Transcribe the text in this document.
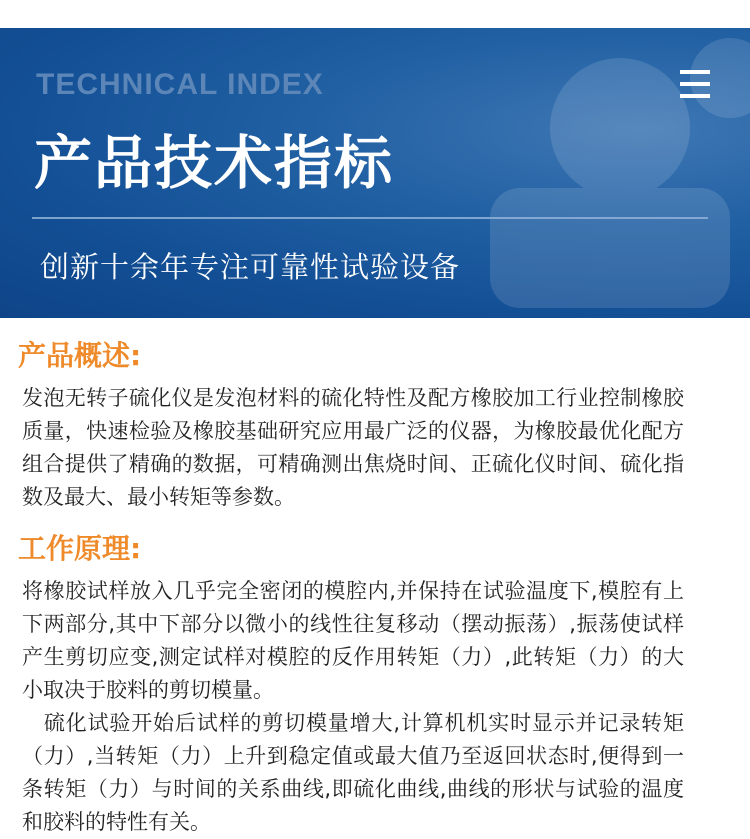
TECHNICAL INDEX
产品技术指标
创新十余年专注可靠性试验设备
产品概述:

发泡无转子硫化仪是发泡材料的硫化特性及配方橡胶加工行业控制橡胶质量，快速检验及橡胶基础研究应用最广泛的仪器，为橡胶最优化配方组合提供了精确的数据，可精确测出焦烧时间、正硫化仪时间、硫化指数及最大、最小转矩等参数。

工作原理:

将橡胶试样放入几乎完全密闭的模腔内,并保持在试验温度下,模腔有上下两部分,其中下部分以微小的线性往复移动（摆动振荡）,振荡使试样产生剪切应变,测定试样对模腔的反作用转矩（力）,此转矩（力）的大小取决于胶料的剪切模量。

　硫化试验开始后试样的剪切模量增大,计算机机实时显示并记录转矩（力）,当转矩（力）上升到稳定值或最大值乃至返回状态时,便得到一条转矩（力）与时间的关系曲线,即硫化曲线,曲线的形状与试验的温度和胶料的特性有关。
